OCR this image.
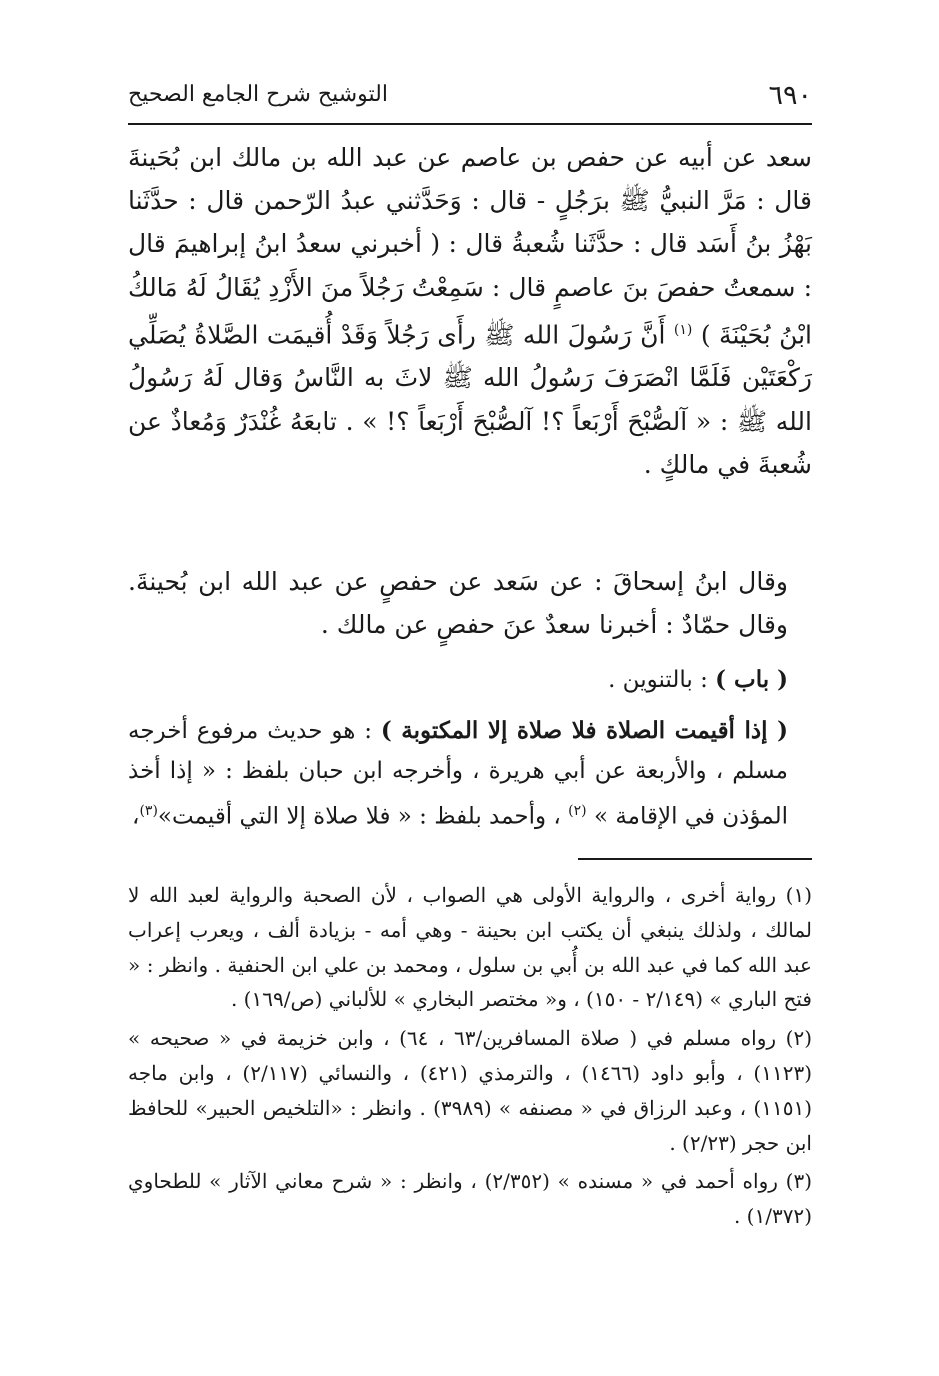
٦٩٠
التوشيح شرح الجامع الصحيح

سعد عن أبيه عن حفص بن عاصم عن عبد الله بن مالك ابن بُحَينةَ قال : مَرَّ النبيُّ ﷺ برَجُلٍ - قال : وَحَدَّثني عبدُ الرّحمن قال : حدَّثَنا بَهْزُ بنُ أَسَد قال : حدَّثَنا شُعبةُ قال : ( أخبرني سعدُ ابنُ إبراهيمَ قال : سمعتُ حفصَ بنَ عاصمٍ قال : سَمِعْتُ رَجُلاً منَ الأَزْدِ يُقَالُ لَهُ مَالكُ ابْنُ بُحَيْنَةَ ) $^{(١)}$ أَنَّ رَسُولَ الله ﷺ رأَى رَجُلاً وَقَدْ أُقيمَت الصَّلاةُ يُصَلِّي رَكْعَتَيْن فَلَمَّا انْصَرَفَ رَسُولُ الله ﷺ لاثَ به النَّاسُ وَقال لَهُ رَسُولُ الله ﷺ : « آلصُّبْحَ أَرْبَعاً ؟! آلصُّبْحَ أَرْبَعاً ؟! » . تابعَهُ غُنْدَرٌ وَمُعاذٌ عن شُعبةَ في مالكٍ .

وقال ابنُ إسحاقَ : عن سَعد عن حفصٍ عن عبد الله ابن بُحينةَ. وقال حمّادٌ : أخبرنا سعدٌ عنَ حفصٍ عن مالك .

( باب ) : بالتنوين .

( إذا أقيمت الصلاة فلا صلاة إلا المكتوبة ) : هو حديث مرفوع أخرجه مسلم ، والأربعة عن أبي هريرة ، وأخرجه ابن حبان بلفظ : « إذا أخذ المؤذن في الإقامة » $^{(٢)}$ ، وأحمد بلفظ : « فلا صلاة إلا التي أقيمت»$^{(٣)}$،

(١) رواية أخرى ، والرواية الأولى هي الصواب ، لأن الصحبة والرواية لعبد الله لا لمالك ، ولذلك ينبغي أن يكتب ابن بحينة - وهي أمه - بزيادة ألف ، ويعرب إعراب عبد الله كما في عبد الله بن أُبي بن سلول ، ومحمد بن علي ابن الحنفية . وانظر : « فتح الباري » (٢/١٤٩ - ١٥٠) ، و« مختصر البخاري » للألباني (ص/١٦٩) .

(٢) رواه مسلم في ( صلاة المسافرين/٦٣ ، ٦٤) ، وابن خزيمة في « صحيحه » (١١٢٣) ، وأبو داود (١٤٦٦) ، والترمذي (٤٢١) ، والنسائي (٢/١١٧) ، وابن ماجه (١١٥١) ، وعبد الرزاق في « مصنفه » (٣٩٨٩) . وانظر : «التلخيص الحبير» للحافظ ابن حجر (٢/٢٣) .

(٣) رواه أحمد في « مسنده » (٢/٣٥٢) ، وانظر : « شرح معاني الآثار » للطحاوي (١/٣٧٢) .
